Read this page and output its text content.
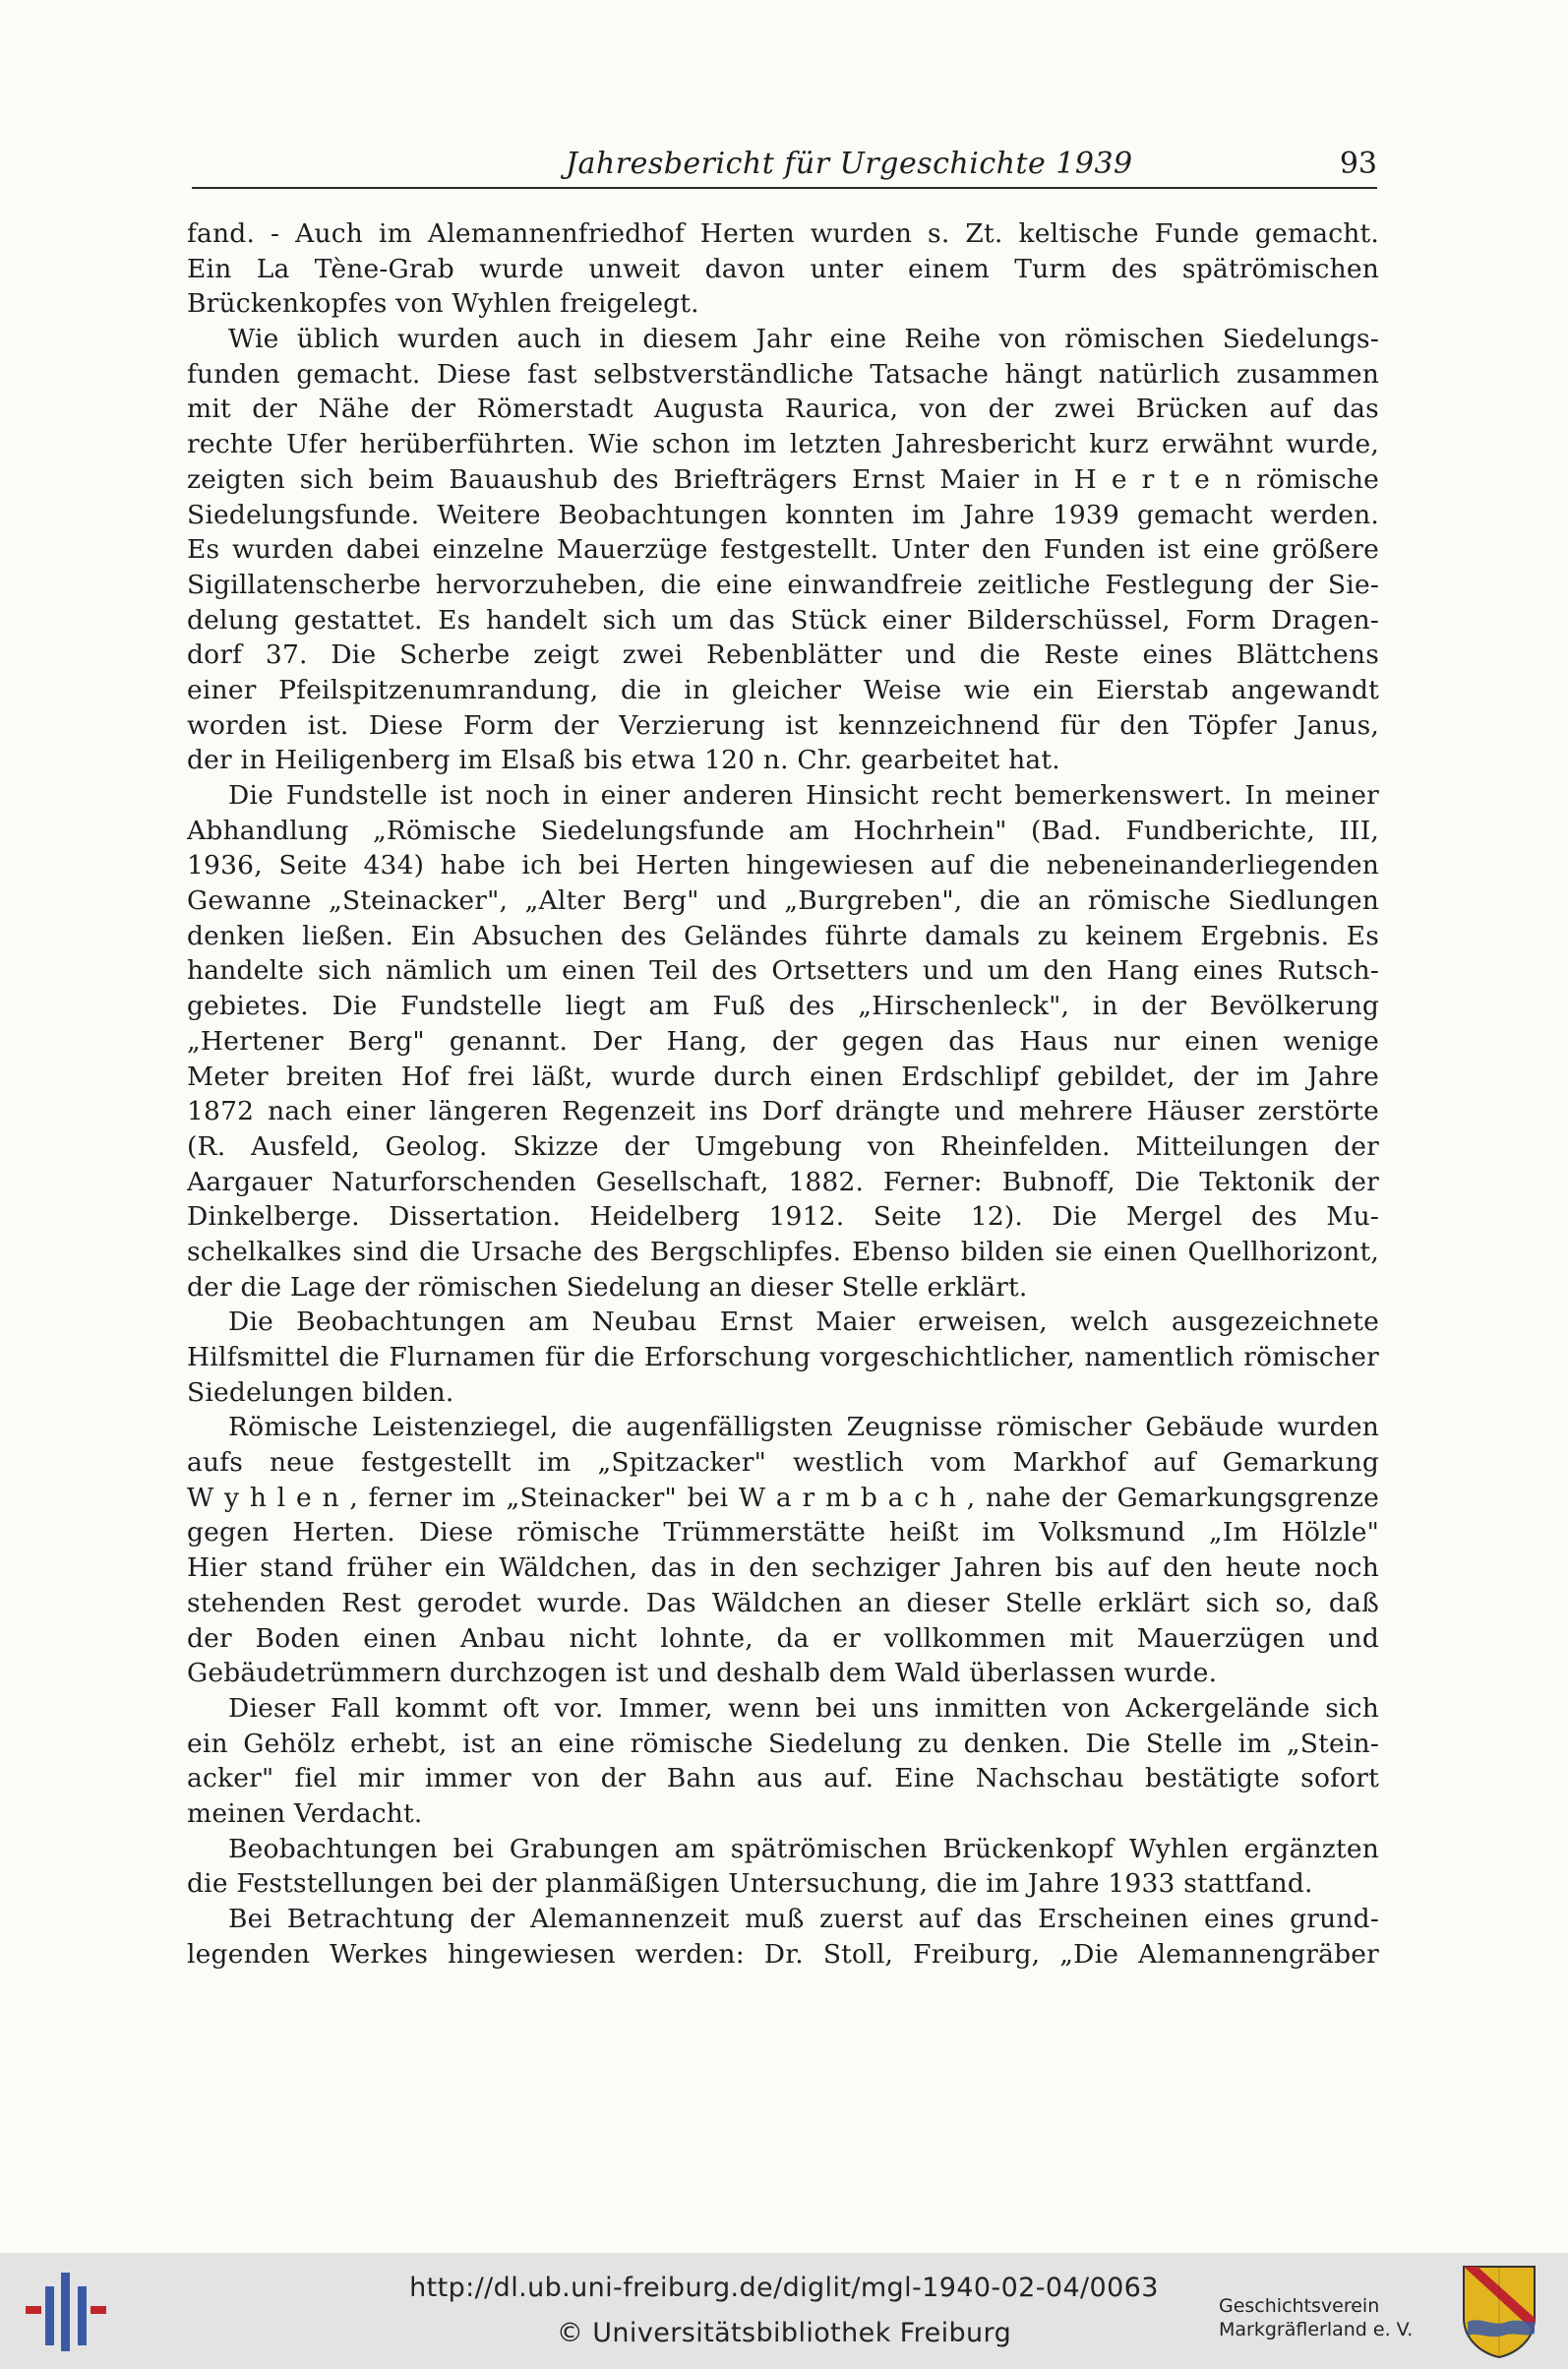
Jahresbericht für Urgeschichte 1939	93
fand. - Auch im Alemannenfriedhof Herten wurden s. Zt. keltische Funde gemacht.
Ein La Tène-Grab wurde unweit davon unter einem Turm des spätrömischen
Brückenkopfes von Wyhlen freigelegt.
Wie üblich wurden auch in diesem Jahr eine Reihe von römischen Siedelungs-
funden gemacht. Diese fast selbstverständliche Tatsache hängt natürlich zusammen
mit der Nähe der Römerstadt Augusta Raurica, von der zwei Brücken auf das
rechte Ufer herüberführten. Wie schon im letzten Jahresbericht kurz erwähnt wurde,
zeigten sich beim Bauaushub des Briefträgers Ernst Maier in H e r t e n römische
Siedelungsfunde. Weitere Beobachtungen konnten im Jahre 1939 gemacht werden.
Es wurden dabei einzelne Mauerzüge festgestellt. Unter den Funden ist eine größere
Sigillatenscherbe hervorzuheben, die eine einwandfreie zeitliche Festlegung der Sie-
delung gestattet. Es handelt sich um das Stück einer Bilderschüssel, Form Dragen-
dorf 37. Die Scherbe zeigt zwei Rebenblätter und die Reste eines Blättchens
einer Pfeilspitzenumrandung, die in gleicher Weise wie ein Eierstab angewandt
worden ist. Diese Form der Verzierung ist kennzeichnend für den Töpfer Janus,
der in Heiligenberg im Elsaß bis etwa 120 n. Chr. gearbeitet hat.
Die Fundstelle ist noch in einer anderen Hinsicht recht bemerkenswert. In meiner
Abhandlung „Römische Siedelungsfunde am Hochrhein" (Bad. Fundberichte, III,
1936, Seite 434) habe ich bei Herten hingewiesen auf die nebeneinanderliegenden
Gewanne „Steinacker", „Alter Berg" und „Burgreben", die an römische Siedlungen
denken ließen. Ein Absuchen des Geländes führte damals zu keinem Ergebnis. Es
handelte sich nämlich um einen Teil des Ortsetters und um den Hang eines Rutsch-
gebietes. Die Fundstelle liegt am Fuß des „Hirschenleck", in der Bevölkerung
„Hertener Berg" genannt. Der Hang, der gegen das Haus nur einen wenige
Meter breiten Hof frei läßt, wurde durch einen Erdschlipf gebildet, der im Jahre
1872 nach einer längeren Regenzeit ins Dorf drängte und mehrere Häuser zerstörte
(R. Ausfeld, Geolog. Skizze der Umgebung von Rheinfelden. Mitteilungen der
Aargauer Naturforschenden Gesellschaft, 1882. Ferner: Bubnoff, Die Tektonik der
Dinkelberge. Dissertation. Heidelberg 1912. Seite 12). Die Mergel des Mu-
schelkalkes sind die Ursache des Bergschlipfes. Ebenso bilden sie einen Quellhorizont,
der die Lage der römischen Siedelung an dieser Stelle erklärt.
Die Beobachtungen am Neubau Ernst Maier erweisen, welch ausgezeichnete
Hilfsmittel die Flurnamen für die Erforschung vorgeschichtlicher, namentlich römischer
Siedelungen bilden.
Römische Leistenziegel, die augenfälligsten Zeugnisse römischer Gebäude wurden
aufs neue festgestellt im „Spitzacker" westlich vom Markhof auf Gemarkung
W y h l e n , ferner im „Steinacker" bei W a r m b a c h , nahe der Gemarkungsgrenze
gegen Herten. Diese römische Trümmerstätte heißt im Volksmund „Im Hölzle"
Hier stand früher ein Wäldchen, das in den sechziger Jahren bis auf den heute noch
stehenden Rest gerodet wurde. Das Wäldchen an dieser Stelle erklärt sich so, daß
der Boden einen Anbau nicht lohnte, da er vollkommen mit Mauerzügen und
Gebäudetrümmern durchzogen ist und deshalb dem Wald überlassen wurde.
Dieser Fall kommt oft vor. Immer, wenn bei uns inmitten von Ackergelände sich
ein Gehölz erhebt, ist an eine römische Siedelung zu denken. Die Stelle im „Stein-
acker" fiel mir immer von der Bahn aus auf. Eine Nachschau bestätigte sofort
meinen Verdacht.
Beobachtungen bei Grabungen am spätrömischen Brückenkopf Wyhlen ergänzten
die Feststellungen bei der planmäßigen Untersuchung, die im Jahre 1933 stattfand.
Bei Betrachtung der Alemannenzeit muß zuerst auf das Erscheinen eines grund-
legenden Werkes hingewiesen werden: Dr. Stoll, Freiburg, „Die Alemannengräber
http://dl.ub.uni-freiburg.de/diglit/mgl-1940-02-04/0063
© Universitätsbibliothek Freiburg
Geschichtsverein
Markgräflerland e. V.
